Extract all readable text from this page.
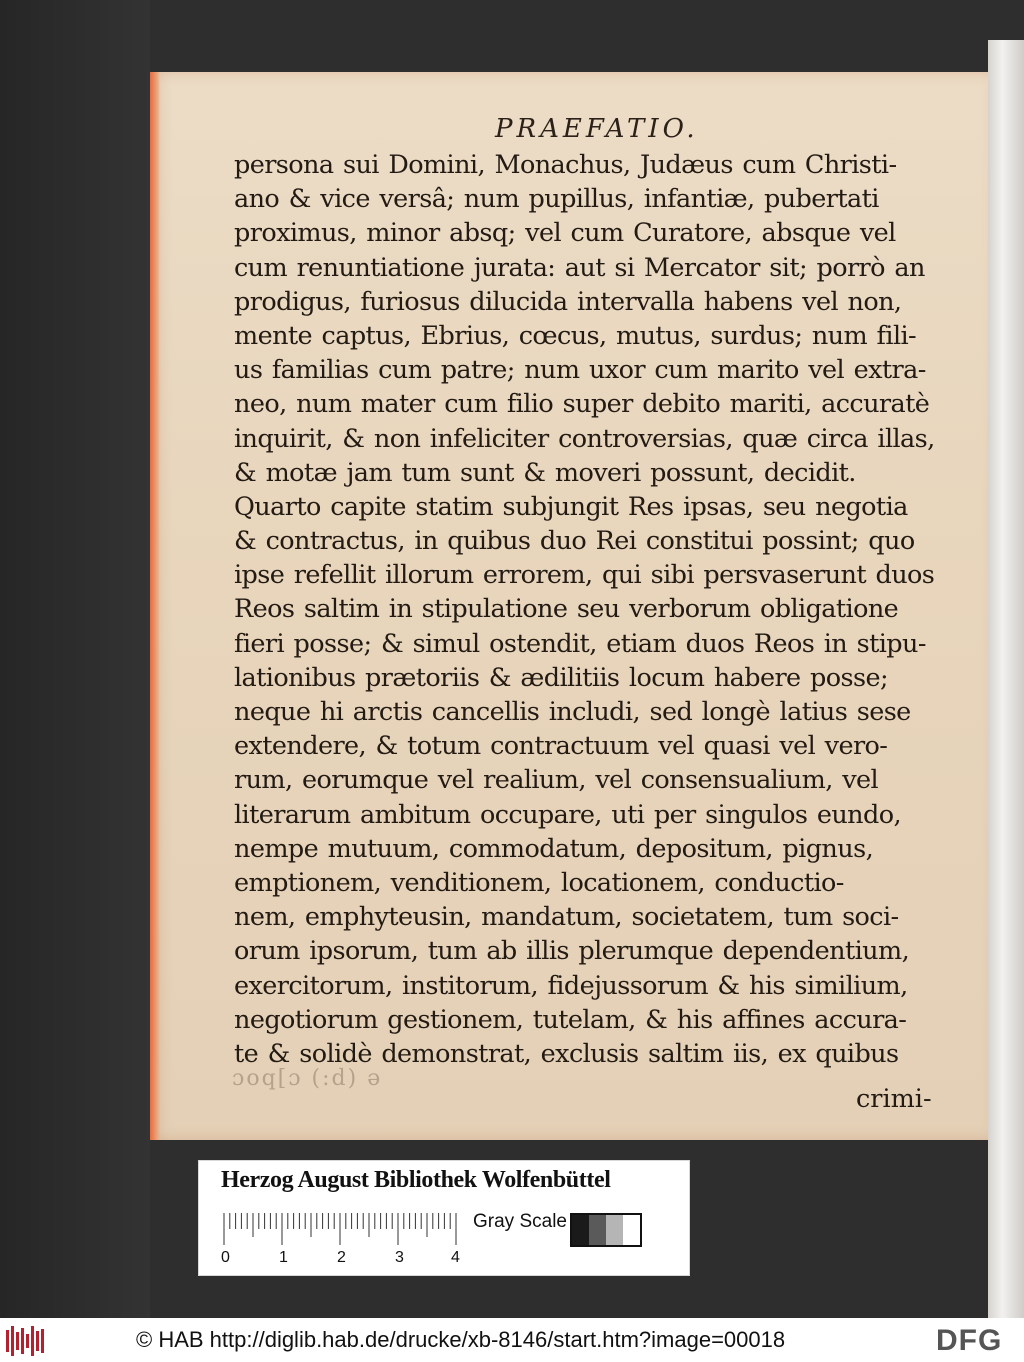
PRAEFATIO.
persona sui Domini, Monachus, Judæus cum Christi-
ano & vice versâ; num pupillus, infantiæ, pubertati
proximus, minor absq; vel cum Curatore, absque vel
cum renuntiatione jurata: aut si Mercator sit; porrò an
prodigus, furiosus dilucida intervalla habens vel non,
mente captus, Ebrius, cœcus, mutus, surdus; num fili-
us familias cum patre; num uxor cum marito vel extra-
neo, num mater cum filio super debito mariti, accuratè
inquirit, & non infeliciter controversias, quæ circa illas,
& motæ jam tum sunt & moveri possunt, decidit.
Quarto capite statim subjungit Res ipsas, seu negotia
& contractus, in quibus duo Rei constitui possint; quo
ipse refellit illorum errorem, qui sibi persvaserunt duos
Reos saltim in stipulatione seu verborum obligatione
fieri posse; & simul ostendit, etiam duos Reos in stipu-
lationibus prætoriis & ædilitiis locum habere posse;
neque hi arctis cancellis includi, sed longè latius sese
extendere, & totum contractuum vel quasi vel vero-
rum, eorumque vel realium, vel consensualium, vel
literarum ambitum occupare, uti per singulos eundo,
nempe mutuum, commodatum, depositum, pignus,
emptionem, venditionem, locationem, conductio-
nem, emphyteusin, mandatum, societatem, tum soci-
orum ipsorum, tum ab illis plerumque dependentium,
exercitorum, institorum, fidejussorum & his similium,
negotiorum gestionem, tutelam, & his affines accura-
te & solidè demonstrat, exclusis saltim iis, ex quibus
ɔoq[ɔ (:d) ǝ
crimi-
Herzog August Bibliothek Wolfenbüttel
0	1	2	3	4
Gray Scale
© HAB http://diglib.hab.de/drucke/xb-8146/start.htm?image=00018	DFG
